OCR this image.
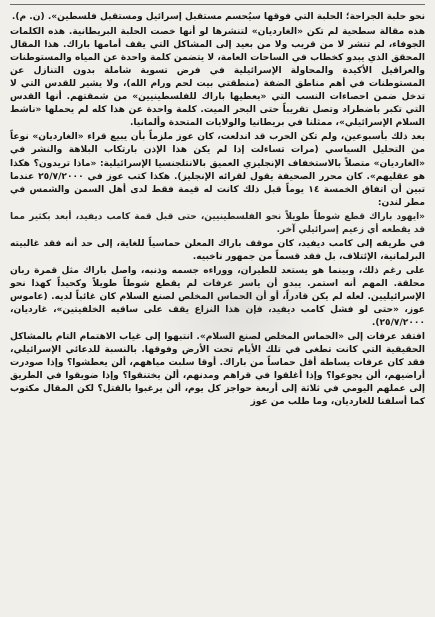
نحو حلبة الجراحة؛ الحلبة التي فوقها سيُحسم مستقبل إسرائيل ومستقبل فلسطين». (ن. م).

هذه مقالة سطحية لم تكن «الغارديان» لتنشرها لو أنها خصت الحلبة البريطانية. هذه الكلمات الجوفاء، لم تنشر لا من قريب ولا من بعيد إلى المشاكل التي يقف أمامها باراك. هذا المقال المحقق الذي يبدو كخطاب في الساحات العامة، لا يتضمن كلمة واحدة عن المياه والمستوطنات والعراقيل الأكيدة والمحاولة الإسرائيلية في فرض تسوية شاملة بدون التنازل عن المستوطنات في أهم مناطق الضفة (منطقتي بيت لحم ورام الله)، ولا يشير للقدس التي لا تدخل ضمن احصاءات النسب التي «يعطيها باراك للفلسطينيين» من شمقتهم. أنها القدس التي تكبر باضطراد وتصل تقريباً حتى البحر الميت. كلمة واحدة عن هذا كله لم يحملها «ناشط السلام الإسرائيلي»، ممثلنا في بريطانيا والولايات المتحدة وألمانيا.

بعد ذلك بأسبوعين، ولم تكن الحرب قد اندلعت، كان عوز ملزماً بأن يبيع قراء «الغارديان» نوعاً من التحليل السياسي (مرات تساءلت إذا لم يكن هذا الإذن بارتكاب البلاهة والنشر في «الغارديان» متصلاً بالاستخفاف الإنجليزي العميق بالانتلجنسيا الإسرائيلية: «ماذا تريدون؟ هكذا هو عقليهم». كان محرر الصحيفة يقول لقرائه الإنجليز). هكذا كتب عوز في ٢٥/٧/٢٠٠٠ عندما تبين أن اتفاق الخمسة ١٤ يوماً قبل ذلك كانت له قيمة فقط لدى أهل السمن والشمس في مطر لندن:

«ايهود باراك قطع شوطاً طويلاً نحو الفلسطينيين، حتى قبل قمة كامب ديفيد، أبعد بكثير مما قد يقطعه أي زعيم إسرائيلي آخر.

في طريقه إلى كامب ديفيد، كان موقف باراك المعلن حماسياً للغاية، إلى حد أنه فقد غالبيته البرلمانية، الإئتلاف، بل فقد قسماً من جمهور ناخبيه.

على رغم ذلك، وبينما هو يستعد للطيران، ووراءه جسمه وذنبه، واصل باراك مثل قمرة ربان محلقة. المهم أنه استمر. يبدو أن ياسر عرفات لم يقطع شوطاً طويلاً وكحيداً كهذا نحو الإسرائيليين. لعله لم يكن قادراً، أو أن الحماس المخلص لصنع السلام كان غائباً لديه. (عاموس عوز، «حتى لو فشل كامب ديفيد، فإن هذا النزاع يقف على ساقيه الخلفيتين»، غارديان، ٢٥/٧/٢٠٠٠).

افتقد عرفات إلى «الحماس المخلص لصنع السلام». انتبهوا إلى غياب الاهتمام التام بالمشاكل الحقيقية التي كانت تطغى في تلك الأيام تحت الأرض وفوقها. بالنسبة للدعائي الإسرائيلي، فقد كان عرفات يساطة أقل حماساً من باراك. أوقا سلبت مياههم، ألن يعطشوا؟ وإذا صودرت أراضيهم، ألن يجوعوا؟ وإذا أغلقوا في قراهم ومدنهم، ألن يختنقوا؟ وإذا ضويقوا في الطريق إلى عملهم اليومي في ثلاثة إلى أربعة حواجز كل يوم، ألن يرغبوا بالقتل؟ لكن المقال مكتوب كما أسلفنا للغارديان، وما طلب من عوز
